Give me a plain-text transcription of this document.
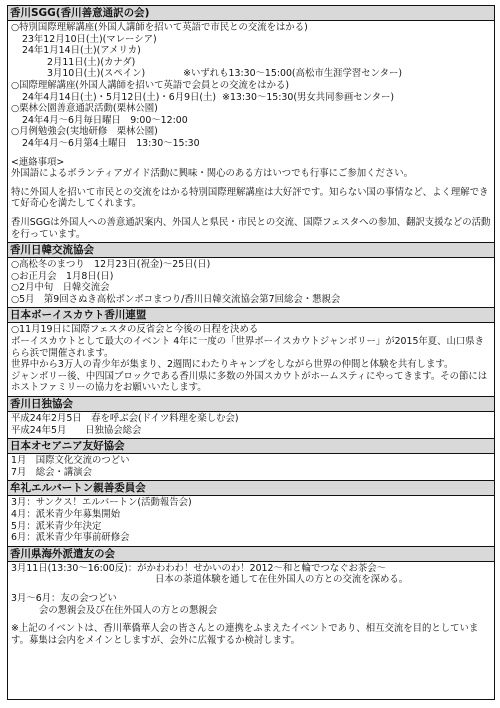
香川SGG(香川善意通訳の会)
○特別国際理解講座(外国人講師を招いて英語で市民との交流をはかる)
23年12月10日(土)(マレーシア)
24年1月14日(土)(アメリカ)
2月11日(土)(カナダ)
3月10日(土)(スペイン)	※いずれも13:30～15:00(高松市生涯学習センター)
○国際理解講座(外国人講師を招いて英語で会員との交流をはかる)
24年4月14日(土)・5月12日(土)・6月9日(土) ※13:30～15:30(男女共同参画センター)
○栗林公園善意通訳活動(栗林公園)
24年4月～6月毎日曜日　9:00～12:00
○月例勉強会(実地研修　栗林公園)
24年4月～6月第4土曜日　13:30～15:30
<連絡事項>
外国語によるボランティアガイド活動に興味・関心のある方はいつでも行事にご参加ください。
特に外国人を招いて市民との交流をはかる特別国際理解講座は大好評です。知らない国の事情など、よく理解できて好奇心を満たしてくれます。
香川SGGは外国人への善意通訳案内、外国人と県民・市民との交流、国際フェスタへの参加、翻訳支援などの活動を行っています。
香川日韓交流協会
○高松冬のまつり　12月23日(祝金)～25日(日)
○お正月会　1月8日(日)
○2月中旬　日韓交流会
○5月　第9回さぬき高松ボンボコまつり/香川日韓交流協会第7回総会・懇親会
日本ボーイスカウト香川連盟
○11月19日に国際フェスタの反省会と今後の日程を決める
ボーイスカウトとして最大のイベント 4年に一度の「世界ボーイスカウトジャンボリー」が2015年夏、山口県きらら浜で開催されます。
世界中から3万人の青少年が集まり、2週間にわたりキャンプをしながら世界の仲間と体験を共有します。
ジャンボリー後、中四国ブロックである香川県に多数の外国スカウトがホームスティにやってきます。その節にはホストファミリーの協力をお願いいたします。
香川日独協会
平成24年2月5日　春を呼ぶ会(ドイツ料理を楽しむ会)
平成24年5月　　日独協会総会
日本オセアニア友好協会
1月　国際文化交流のつどい
7月　総会・講演会
牟礼エルバートン親善委員会
3月：サンクス！エルバートン(活動報告会)
4月：派米青少年募集開始
5月：派米青少年決定
6月：派米青少年事前研修会
香川県海外派遣友の会
3月11日(13:30～16:00反)：がかわわわ！せかいのわ！2012～和と輪でつなぐお茶会～
日本の茶道体験を通して在住外国人の方との交流を深める。
3月～6月：友の会つどい
会の懇親会及び在住外国人の方との懇親会
※上記のイベントは、香川華僑華人会の皆さんとの連携をふまえたイベントであり、相互交流を目的としています。募集は会内をメインとしますが、会外に広報するか検討します。
